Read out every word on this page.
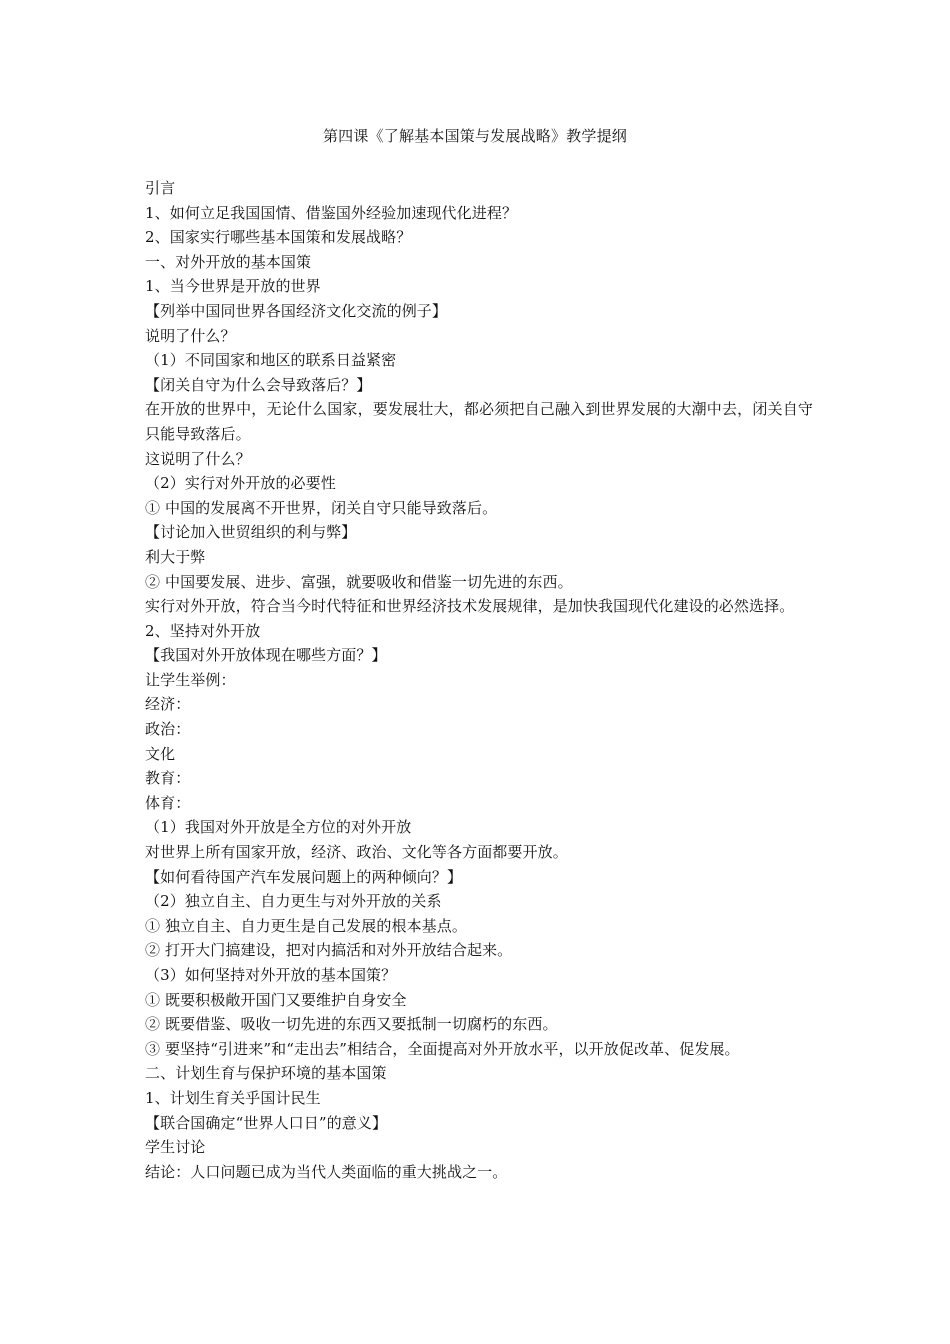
第四课《了解基本国策与发展战略》教学提纲
引言
1、如何立足我国国情、借鉴国外经验加速现代化进程？
2、国家实行哪些基本国策和发展战略？
一、对外开放的基本国策
1、当今世界是开放的世界
【列举中国同世界各国经济文化交流的例子】
说明了什么？
（1）不同国家和地区的联系日益紧密
【闭关自守为什么会导致落后？】
在开放的世界中，无论什么国家，要发展壮大，都必须把自己融入到世界发展的大潮中去，闭关自守只能导致落后。
这说明了什么？
（2）实行对外开放的必要性
① 中国的发展离不开世界，闭关自守只能导致落后。
【讨论加入世贸组织的利与弊】
利大于弊
② 中国要发展、进步、富强，就要吸收和借鉴一切先进的东西。
实行对外开放，符合当今时代特征和世界经济技术发展规律，是加快我国现代化建设的必然选择。
2、坚持对外开放
【我国对外开放体现在哪些方面？】
让学生举例：
经济：
政治：
文化
教育：
体育：
（1）我国对外开放是全方位的对外开放
对世界上所有国家开放，经济、政治、文化等各方面都要开放。
【如何看待国产汽车发展问题上的两种倾向？】
（2）独立自主、自力更生与对外开放的关系
① 独立自主、自力更生是自己发展的根本基点。
② 打开大门搞建设，把对内搞活和对外开放结合起来。
（3）如何坚持对外开放的基本国策？
① 既要积极敞开国门又要维护自身安全
② 既要借鉴、吸收一切先进的东西又要抵制一切腐朽的东西。
③ 要坚持“引进来”和“走出去”相结合，全面提高对外开放水平，以开放促改革、促发展。
二、计划生育与保护环境的基本国策
1、计划生育关乎国计民生
【联合国确定“世界人口日”的意义】
学生讨论
结论：人口问题已成为当代人类面临的重大挑战之一。
